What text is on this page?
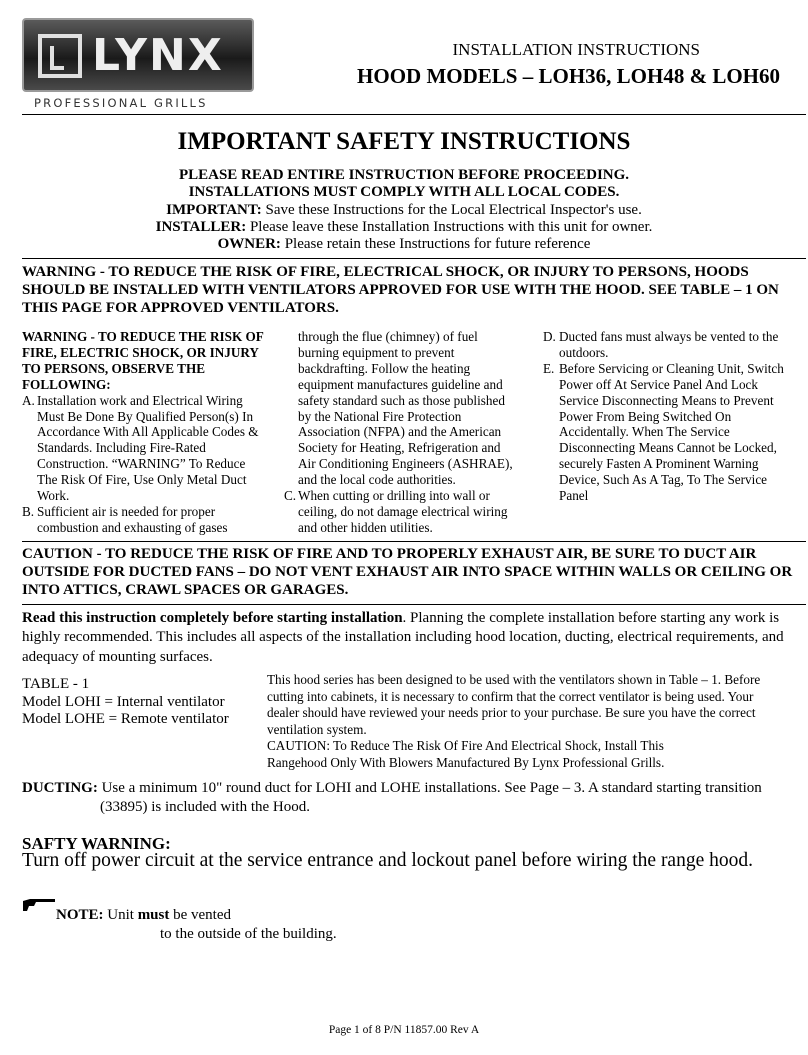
LYNX
PROFESSIONAL GRILLS
INSTALLATION INSTRUCTIONS
HOOD MODELS – LOH36, LOH48 & LOH60
IMPORTANT SAFETY INSTRUCTIONS
PLEASE READ ENTIRE INSTRUCTION BEFORE PROCEEDING.
INSTALLATIONS MUST COMPLY WITH ALL LOCAL CODES.
IMPORTANT: Save these Instructions for the Local Electrical Inspector's use.
INSTALLER: Please leave these Installation Instructions with this unit for owner.
OWNER: Please retain these Instructions for future reference
WARNING - TO REDUCE THE RISK OF FIRE, ELECTRICAL SHOCK, OR INJURY TO PERSONS, HOODS SHOULD BE INSTALLED WITH VENTILATORS APPROVED FOR USE WITH THE HOOD. SEE TABLE – 1 ON THIS PAGE FOR APPROVED VENTILATORS.
WARNING - TO REDUCE THE RISK OF FIRE, ELECTRIC SHOCK, OR INJURY TO PERSONS, OBSERVE THE FOLLOWING:
A. Installation work and Electrical Wiring Must Be Done By Qualified Person(s) In Accordance With All Applicable Codes & Standards. Including Fire-Rated Construction. “WARNING” To Reduce The Risk Of Fire, Use Only Metal Duct Work.
B. Sufficient air is needed for proper combustion and exhausting of gases
through the flue (chimney) of fuel burning equipment to prevent backdrafting. Follow the heating equipment manufactures guideline and safety standard such as those published by the National Fire Protection Association (NFPA) and the American Society for Heating, Refrigeration and Air Conditioning Engineers (ASHRAE), and the local code authorities.
C. When cutting or drilling into wall or ceiling, do not damage electrical wiring and other hidden utilities.
D. Ducted fans must always be vented to the outdoors.
E. Before Servicing or Cleaning Unit, Switch Power off At Service Panel And Lock Service Disconnecting Means to Prevent Power From Being Switched On Accidentally. When The Service Disconnecting Means Cannot be Locked, securely Fasten A Prominent Warning Device, Such As A Tag, To The Service Panel
CAUTION - TO REDUCE THE RISK OF FIRE AND TO PROPERLY EXHAUST AIR, BE SURE TO DUCT AIR OUTSIDE FOR DUCTED FANS – DO NOT VENT EXHAUST AIR INTO SPACE WITHIN WALLS OR CEILING OR INTO ATTICS, CRAWL SPACES OR GARAGES.
Read this instruction completely before starting installation. Planning the complete installation before starting any work is highly recommended. This includes all aspects of the installation including hood location, ducting, electrical requirements, and adequacy of mounting surfaces.
TABLE - 1
Model LOHI = Internal ventilator
Model LOHE = Remote ventilator
This hood series has been designed to be used with the ventilators shown in Table – 1. Before cutting into cabinets, it is necessary to confirm that the correct ventilator is being used. Your dealer should have reviewed your needs prior to your purchase. Be sure you have the correct ventilation system.
CAUTION: To Reduce The Risk Of Fire And Electrical Shock, Install This
Rangehood Only With Blowers Manufactured By Lynx Professional Grills.
DUCTING: Use a minimum 10" round duct for LOHI and LOHE installations. See Page – 3. A standard starting transition
(33895) is included with the Hood.
SAFTY WARNING:
Turn off power circuit at the service entrance and lockout panel before wiring the range hood.
NOTE: Unit must be vented
to the outside of the building.
Page 1 of 8 P/N 11857.00 Rev A
